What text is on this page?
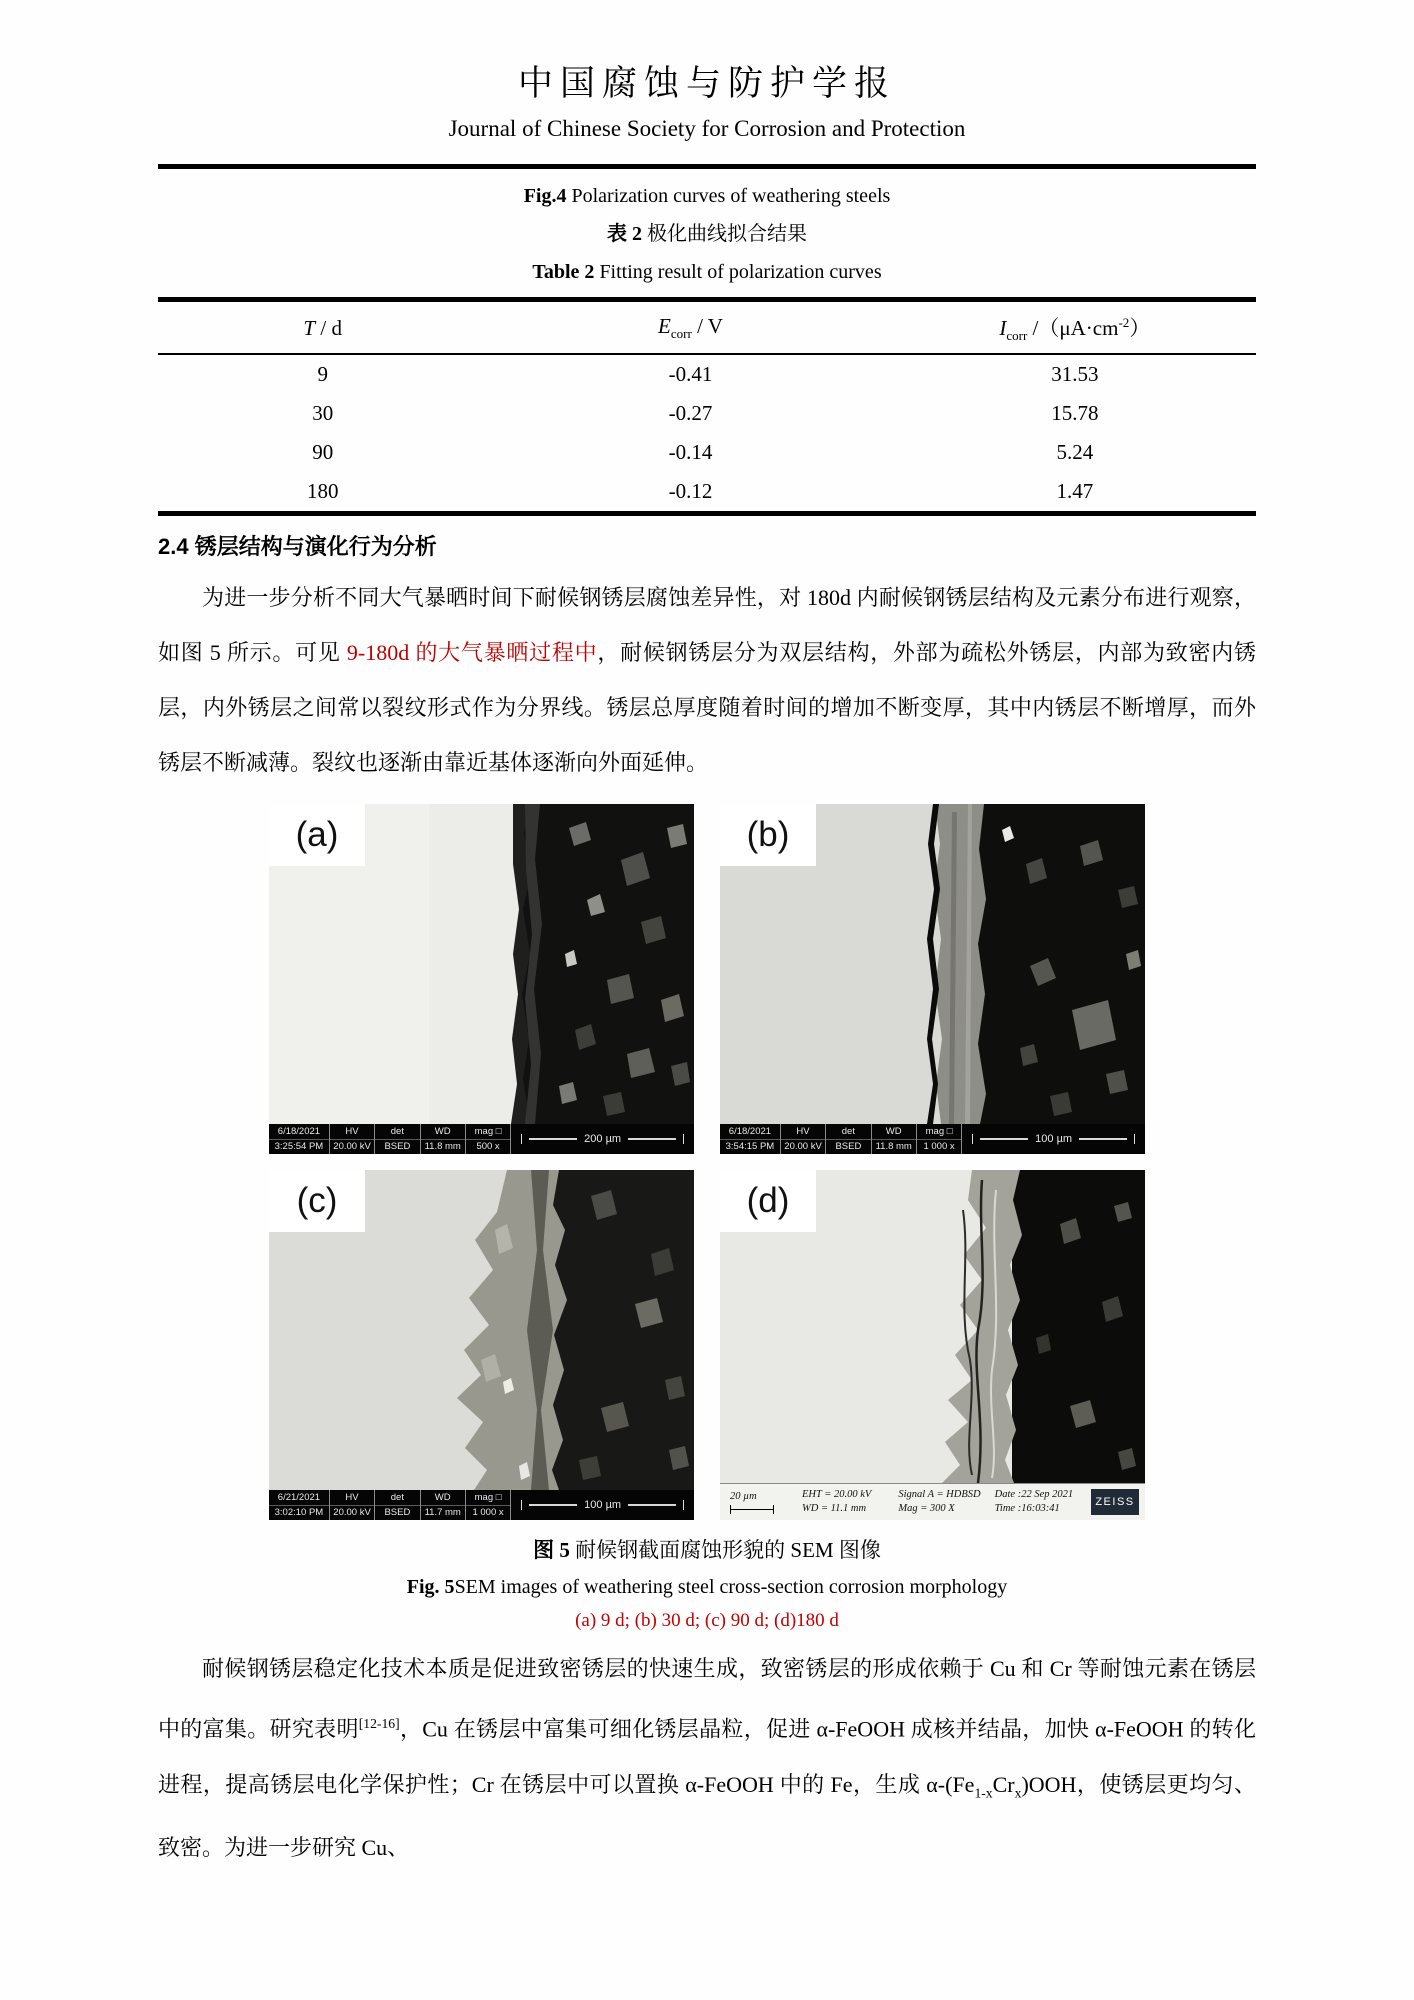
中国腐蚀与防护学报
Journal of Chinese Society for Corrosion and Protection
Fig.4 Polarization curves of weathering steels
表 2 极化曲线拟合结果
Table 2 Fitting result of polarization curves
T / d	$E_{corr}$ / V	$I_{corr}$ $/(\mu A\cdot cm^{-2})$
9	-0.41	31.53
30	-0.27	15.78
90	-0.14	5.24
180	-0.12	1.47
2.4 锈层结构与演化行为分析

为进一步分析不同大气暴晒时间下耐候钢锈层腐蚀差异性，对 180d 内耐候钢锈层结构及元素分布进行观察，如图 5 所示。可见 9-180d 的大气暴晒过程中，耐候钢锈层分为双层结构，外部为疏松外锈层，内部为致密内锈层，内外锈层之间常以裂纹形式作为分界线。锈层总厚度随着时间的增加不断变厚，其中内锈层不断增厚，而外锈层不断减薄。裂纹也逐渐由靠近基体逐渐向外面延伸。

(a)
6/18/2021
3:25:54 PM
HV
20.00 kV
det
BSED
WD
11.8 mm
mag □
500 x
200 µm
(b)
6/18/2021
3:54:15 PM
HV
20.00 kV
det
BSED
WD
11.8 mm
mag □
1 000 x
100 µm
(c)
6/21/2021
3:02:10 PM
HV
20.00 kV
det
BSED
WD
11.7 mm
mag □
1 000 x
100 µm
(d)
20 µm	EHT = 20.00 kV
WD = 11.1 mm
Signal A = HDBSD
Mag = 300 X
Date :22 Sep 2021
Time :16:03:41
ZEISS
图 5 耐候钢截面腐蚀形貌的 SEM 图像
Fig. 5SEM images of weathering steel cross-section corrosion morphology
(a) 9 d; (b) 30 d; (c) 90 d; (d)180 d

耐候钢锈层稳定化技术本质是促进致密锈层的快速生成，致密锈层的形成依赖于 Cu 和 Cr 等耐蚀元素在锈层中的富集。研究表明[12-16]，Cu 在锈层中富集可细化锈层晶粒，促进 α-FeOOH 成核并结晶，加快 α-FeOOH 的转化进程，提高锈层电化学保护性；Cr 在锈层中可以置换 α-FeOOH 中的 Fe，生成 $\alpha-(Fe_{1-x}Cr_x)OOH$，使锈层更均匀、致密。为进一步研究 Cu、
